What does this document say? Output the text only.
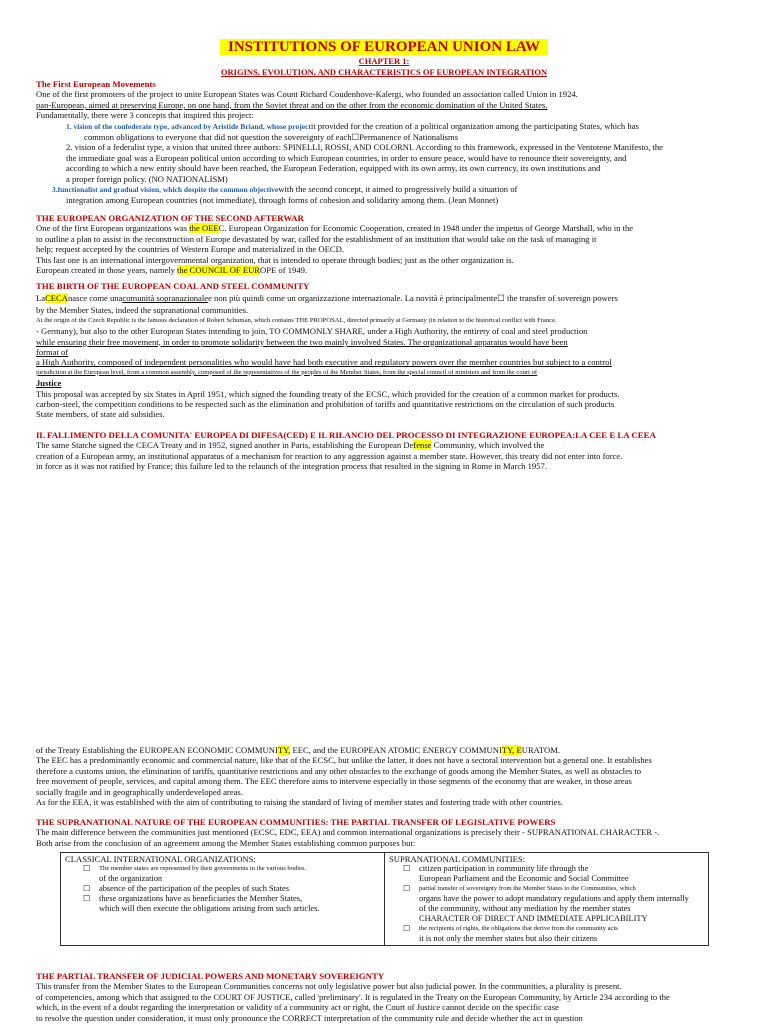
INSTITUTIONS OF EUROPEAN UNION LAW
CHAPTER 1:
ORIGINS, EVOLUTION, AND CHARACTERISTICS OF EUROPEAN INTEGRATION
The First European Movements
One of the first promoters of the project to unite European States was Count Richard Coudenhove-Kalergi, who founded an association called Union in 1924.
pan-European, aimed at preserving Europe, on one hand, from the Soviet threat and on the other from the economic domination of the United States.
Fundamentally, there were 3 concepts that inspired this project:
1. vision of the confederate type, advanced by Aristide Briand, whose projectit provided for the creation of a political organization among the participating States, which has
common obligations to everyone that did not question the sovereignty of each☐Permanence of Nationalisms
2. vision of a federalist type, a vision that united three authors: SPINELLI, ROSSI, AND COLORNI. According to this framework, expressed in the Ventotene Manifesto, the
the immediate goal was a European political union according to which European countries, in order to ensure peace, would have to renounce their sovereignty, and
according to which a new entity should have been reached, the European Federation, equipped with its own army, its own currency, its own institutions and
a proper foreign policy. (NO NATIONALISM)
3.functionalist and gradual vision, which despite the common objectivewith the second concept, it aimed to progressively build a situation of
integration among European countries (not immediate), through forms of cohesion and solidarity among them. (Jean Monnet)
THE EUROPEAN ORGANIZATION OF THE SECOND AFTERWAR
One of the first European organizations was the OEEC. European Organization for Economic Cooperation, created in 1948 under the impetus of George Marshall, who in the
to outline a plan to assist in the reconstruction of Europe devastated by war, called for the establishment of an institution that would take on the task of managing it
help; request accepted by the countries of Western Europe and materialized in the OECD.
This last one is an international intergovernmental organization, that is intended to operate through bodies; just as the other organization is.
European created in those years, namely the COUNCIL OF EUROPE of 1949.
THE BIRTH OF THE EUROPEAN COAL AND STEEL COMMUNITY
LaCECAnasce come unacomunità sopranazionalee non più quindi come un organizzazione internazionale. La novità è principalmente☐ the transfer of sovereign powers
by the Member States, indeed the supranational communities.
At the origin of the Czech Republic is the famous declaration of Robert Schuman, which contains THE PROPOSAL, directed primarily at Germany (in relation to the historical conflict with France.
- Germany), but also to the other European States intending to join, TO COMMONLY SHARE, under a High Authority, the entirety of coal and steel production
while ensuring their free movement, in order to promote solidarity between the two mainly involved States. The organizational apparatus would have been
format of
a High Authority, composed of independent personalities who would have had both executive and regulatory powers over the member countries but subject to a control
jurisdiction at the European level, from a common assembly, composed of the representatives of the peoples of the Member States, from the special council of ministers and from the court of
Justice
This proposal was accepted by six States in April 1951, which signed the founding treaty of the ECSC, which provided for the creation of a common market for products.
carbon-steel, the competition conditions to be respected such as the elimination and prohibition of tariffs and quantitative restrictions on the circulation of such products
State members, of state aid subsidies.
IL FALLIMENTO DELLA COMUNITA' EUROPEA DI DIFESA(CED) E IL RILANCIO DEL PROCESSO DI INTEGRAZIONE EUROPEA:LA CEE E LA CEEA
The same Statche signed the CECA Treaty and in 1952, signed another in Paris, establishing the European Defense Community, which involved the
creation of a European army, an institutional apparatus of a mechanism for reaction to any aggression against a member state. However, this treaty did not enter into force.
in force as it was not ratified by France; this failure led to the relaunch of the integration process that resulted in the signing in Rome in March 1957.
of the Treaty Establishing the EUROPEAN ECONOMIC COMMUNITY, EEC, and the EUROPEAN ATOMIC ENERGY COMMUNITY, EURATOM.
The EEC has a predominantly economic and commercial nature, like that of the ECSC, but unlike the latter, it does not have a sectoral intervention but a general one. It establishes
therefore a customs union, the elimination of tariffs, quantitative restrictions and any other obstacles to the exchange of goods among the Member States, as well as obstacles to
free movement of people, services, and capital among them. The EEC therefore aims to intervene especially in those segments of the economy that are weaker, in those areas
socially fragile and in geographically underdeveloped areas.
As for the EEA, it was established with the aim of contributing to raising the standard of living of member states and fostering trade with other countries.
THE SUPRANATIONAL NATURE OF THE EUROPEAN COMMUNITIES: THE PARTIAL TRANSFER OF LEGISLATIVE POWERS
The main difference between the communities just mentioned (ECSC, EDC, EEA) and common international organizations is precisely their - SUPRANATIONAL CHARACTER -.
Both arise from the conclusion of an agreement among the Member States establishing common purposes but:
CLASSICAL INTERNATIONAL ORGANIZATIONS:
☐	The member states are represented by their governments in the various bodies.
of the organization
☐	absence of the participation of the peoples of such States
☐	these organizations have as beneficiaries the Member States,
which will then execute the obligations arising from such articles.

SUPRANATIONAL COMMUNITIES:
☐	citizen participation in community life through the
European Parliament and the Economic and Social Committee
☐	partial transfer of sovereignty from the Member States to the Communities, which
organs have the power to adopt mandatory regulations and apply them internally
of the community, without any mediation by the member states
CHARACTER OF DIRECT AND IMMEDIATE APPLICABILITY
☐	the recipients of rights, the obligations that derive from the community acts
it is not only the member states but also their citizens
THE PARTIAL TRANSFER OF JUDICIAL POWERS AND MONETARY SOVEREIGNTY
This transfer from the Member States to the European Communities concerns not only legislative power but also judicial power. In the communities, a plurality is present.
of competencies, among which that assigned to the COURT OF JUSTICE, called 'preliminary'. It is regulated in the Treaty on the European Community, by Article 234 according to the
which, in the event of a doubt regarding the interpretation or validity of a community act or right, the Court of Justice cannot decide on the specific case
to resolve the question under consideration, it must only pronounce the CORRECT interpretation of the community rule and decide whether the act in question
